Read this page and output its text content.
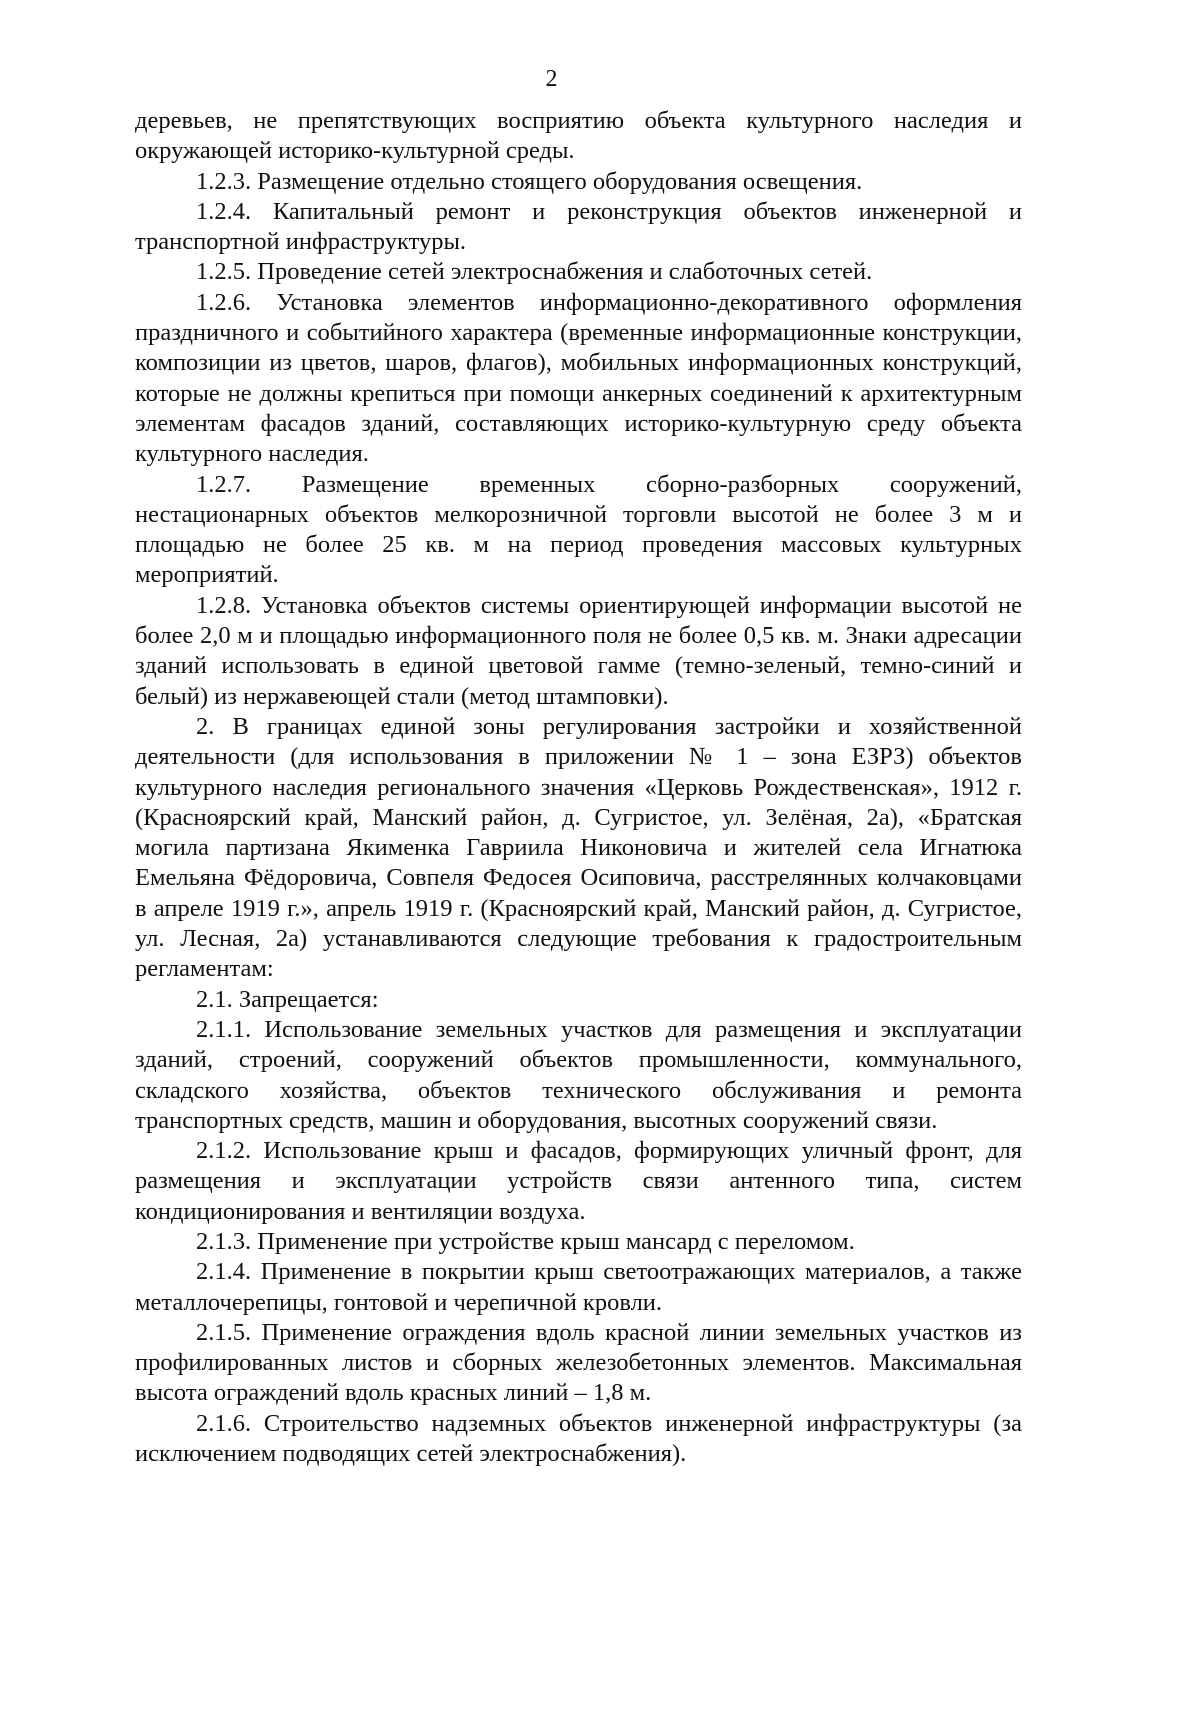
2

деревьев, не препятствующих восприятию объекта культурного наследия и окружающей историко-культурной среды.

1.2.3. Размещение отдельно стоящего оборудования освещения.

1.2.4. Капитальный ремонт и реконструкция объектов инженерной и транспортной инфраструктуры.

1.2.5. Проведение сетей электроснабжения и слаботочных сетей.

1.2.6. Установка элементов информационно-декоративного оформления праздничного и событийного характера (временные информационные конструкции, композиции из цветов, шаров, флагов), мобильных информационных конструкций, которые не должны крепиться при помощи анкерных соединений к архитектурным элементам фасадов зданий, составляющих историко-культурную среду объекта культурного наследия.

1.2.7. Размещение временных сборно-разборных сооружений, нестационарных объектов мелкорозничной торговли высотой не более 3 м и площадью не более 25 кв. м на период проведения массовых культурных мероприятий.

1.2.8. Установка объектов системы ориентирующей информации высотой не более 2,0 м и площадью информационного поля не более 0,5 кв. м. Знаки адресации зданий использовать в единой цветовой гамме (темно-зеленый, темно-синий и белый) из нержавеющей стали (метод штамповки).

2. В границах единой зоны регулирования застройки и хозяйственной деятельности (для использования в приложении № 1 – зона ЕЗРЗ) объектов культурного наследия регионального значения «Церковь Рождественская», 1912 г. (Красноярский край, Манский район, д. Сугристое, ул. Зелёная, 2а), «Братская могила партизана Якименка Гавриила Никоновича и жителей села Игнатюка Емельяна Фёдоровича, Совпеля Федосея Осиповича, расстрелянных колчаковцами в апреле 1919 г.», апрель 1919 г. (Красноярский край, Манский район, д. Сугристое, ул. Лесная, 2а) устанавливаются следующие требования к градостроительным регламентам:

2.1. Запрещается:

2.1.1. Использование земельных участков для размещения и эксплуатации зданий, строений, сооружений объектов промышленности, коммунального, складского хозяйства, объектов технического обслуживания и ремонта транспортных средств, машин и оборудования, высотных сооружений связи.

2.1.2. Использование крыш и фасадов, формирующих уличный фронт, для размещения и эксплуатации устройств связи антенного типа, систем кондиционирования и вентиляции воздуха.

2.1.3. Применение при устройстве крыш мансард с переломом.

2.1.4. Применение в покрытии крыш светоотражающих материалов, а также металлочерепицы, гонтовой и черепичной кровли.

2.1.5. Применение ограждения вдоль красной линии земельных участков из профилированных листов и сборных железобетонных элементов. Максимальная высота ограждений вдоль красных линий – 1,8 м.

2.1.6. Строительство надземных объектов инженерной инфраструктуры (за исключением подводящих сетей электроснабжения).
